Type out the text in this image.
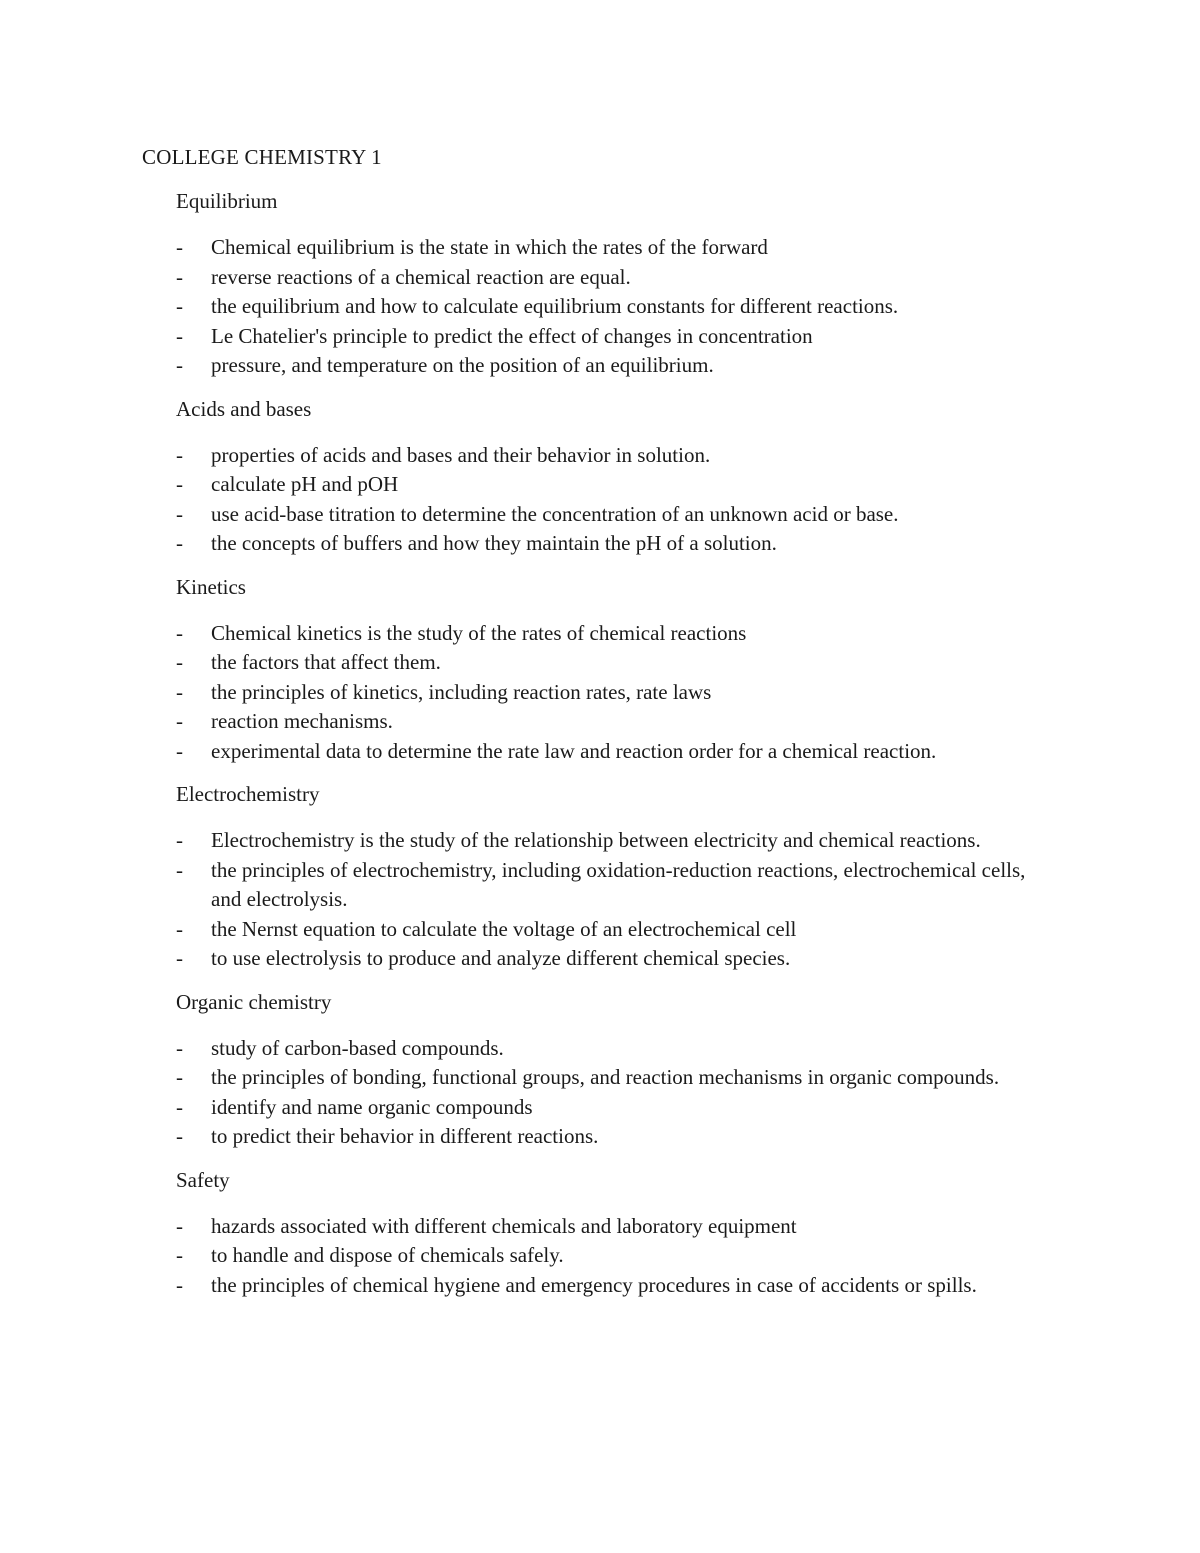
COLLEGE CHEMISTRY 1
Equilibrium
- Chemical equilibrium is the state in which the rates of the forward
- reverse reactions of a chemical reaction are equal.
- the equilibrium and how to calculate equilibrium constants for different reactions.
- Le Chatelier's principle to predict the effect of changes in concentration
- pressure, and temperature on the position of an equilibrium.
Acids and bases
- properties of acids and bases and their behavior in solution.
- calculate pH and pOH
- use acid-base titration to determine the concentration of an unknown acid or base.
- the concepts of buffers and how they maintain the pH of a solution.
Kinetics
- Chemical kinetics is the study of the rates of chemical reactions
- the factors that affect them.
- the principles of kinetics, including reaction rates, rate laws
- reaction mechanisms.
- experimental data to determine the rate law and reaction order for a chemical reaction.
Electrochemistry
- Electrochemistry is the study of the relationship between electricity and chemical reactions.
- the principles of electrochemistry, including oxidation-reduction reactions, electrochemical cells, and electrolysis.
- the Nernst equation to calculate the voltage of an electrochemical cell
- to use electrolysis to produce and analyze different chemical species.
Organic chemistry
- study of carbon-based compounds.
- the principles of bonding, functional groups, and reaction mechanisms in organic compounds.
- identify and name organic compounds
- to predict their behavior in different reactions.
Safety
- hazards associated with different chemicals and laboratory equipment
- to handle and dispose of chemicals safely.
- the principles of chemical hygiene and emergency procedures in case of accidents or spills.
